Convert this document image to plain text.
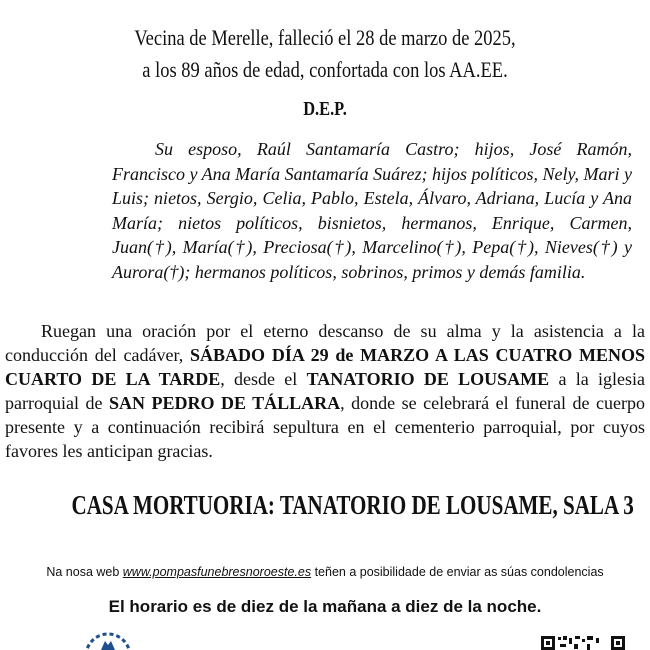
Vecina de Merelle, falleció el 28 de marzo de 2025,
a los 89 años de edad, confortada con los AA.EE.
D.E.P.

Su esposo, Raúl Santamaría Castro; hijos, José Ramón, Francisco y Ana María Santamaría Suárez; hijos políticos, Nely, Mari y Luis; nietos, Sergio, Celia, Pablo, Estela, Álvaro, Adriana, Lucía y Ana María; nietos políticos, bisnietos, hermanos, Enrique, Carmen, Juan(†), María(†), Preciosa(†), Marcelino(†), Pepa(†), Nieves(†) y Aurora(†); hermanos políticos, sobrinos, primos y demás familia.

Ruegan una oración por el eterno descanso de su alma y la asistencia a la conducción del cadáver, SÁBADO DÍA 29 de MARZO A LAS CUATRO MENOS CUARTO DE LA TARDE, desde el TANATORIO DE LOUSAME a la iglesia parroquial de SAN PEDRO DE TÁLLARA, donde se celebrará el funeral de cuerpo presente y a continuación recibirá sepultura en el cementerio parroquial, por cuyos favores les anticipan gracias.

CASA MORTUORIA: TANATORIO DE LOUSAME, SALA 3
Na nosa web www.pompasfunebresnoroeste.es teñen a posibilidade de enviar as súas condolencias
El horario es de diez de la mañana a diez de la noche.
